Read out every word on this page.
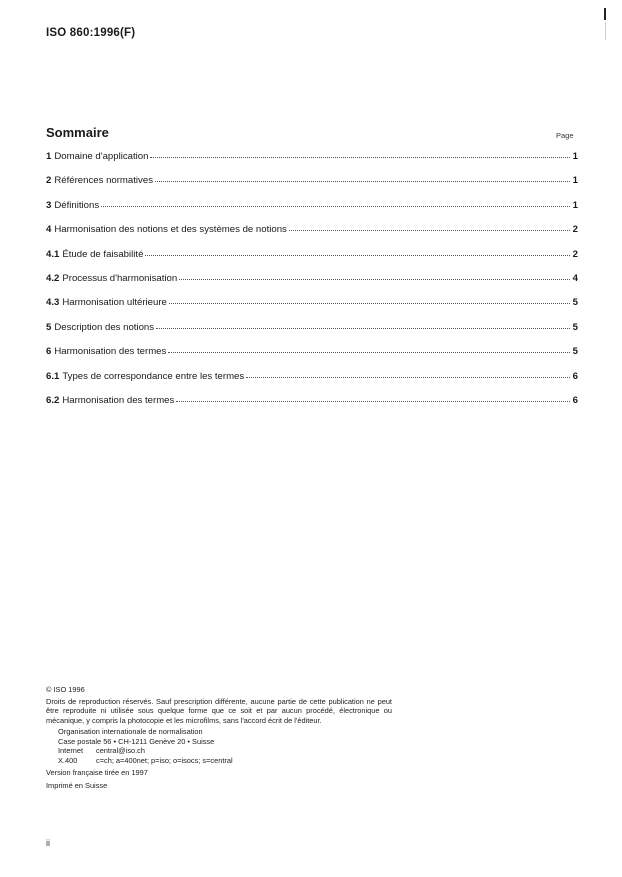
ISO 860:1996(F)
Sommaire	Page
1 Domaine d'application	1
2 Références normatives	1
3 Définitions	1
4 Harmonisation des notions et des systèmes de notions	2
4.1 Étude de faisabilité	2
4.2 Processus d'harmonisation	4
4.3 Harmonisation ultérieure	5
5 Description des notions	5
6 Harmonisation des termes	5
6.1 Types de correspondance entre les termes	6
6.2 Harmonisation des termes	6
© ISO 1996
Droits de reproduction réservés. Sauf prescription différente, aucune partie de cette publication ne peut être reproduite ni utilisée sous quelque forme que ce soit et par aucun procédé, électronique ou mécanique, y compris la photocopie et les microfilms, sans l'accord écrit de l'éditeur.
Organisation internationale de normalisation
Case postale 56 • CH-1211 Genève 20 • Suisse
Internet	central@iso.ch
X.400	c=ch; a=400net; p=iso; o=isocs; s=central
Version française tirée en 1997
Imprimé en Suisse
ii
